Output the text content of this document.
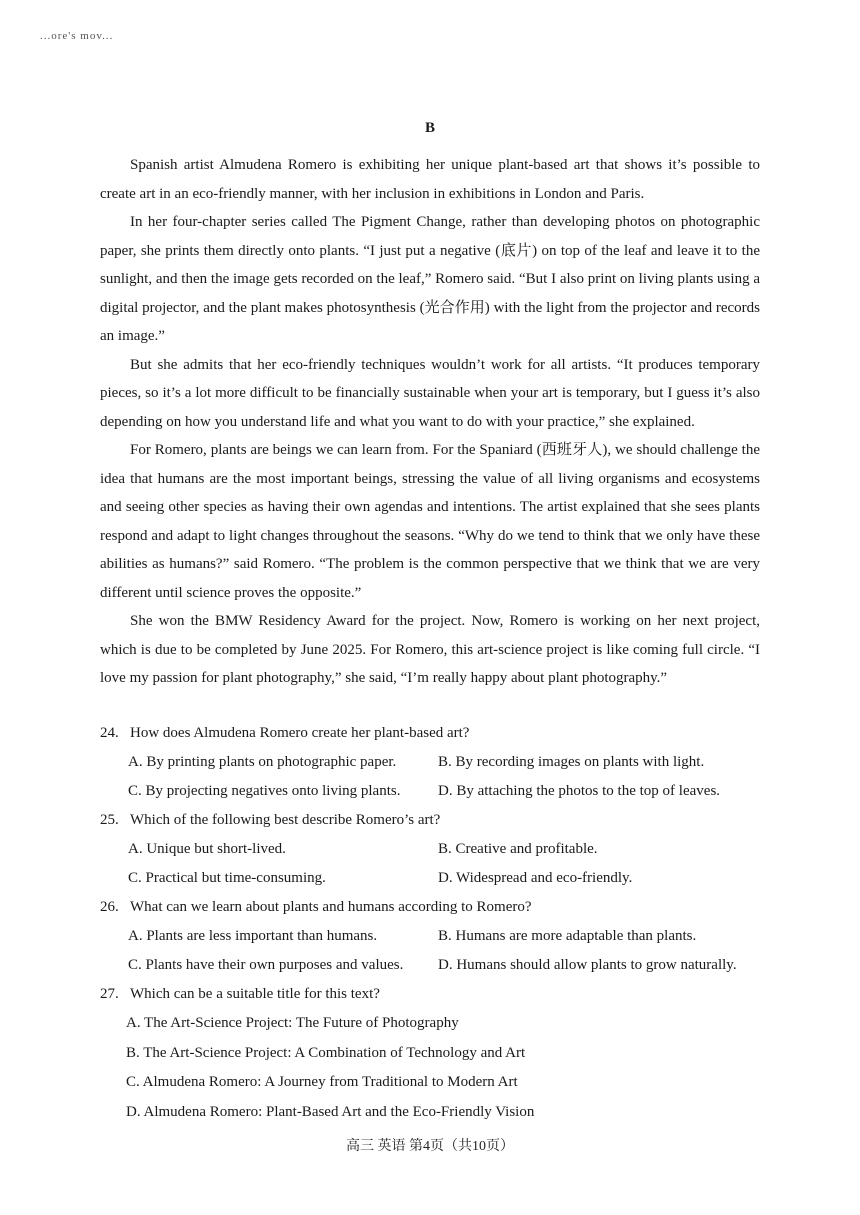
...ore's mov...
B

Spanish artist Almudena Romero is exhibiting her unique plant-based art that shows it’s possible to create art in an eco-friendly manner, with her inclusion in exhibitions in London and Paris.

In her four-chapter series called The Pigment Change, rather than developing photos on photographic paper, she prints them directly onto plants. “I just put a negative (底片) on top of the leaf and leave it to the sunlight, and then the image gets recorded on the leaf,” Romero said. “But I also print on living plants using a digital projector, and the plant makes photosynthesis (光合作用) with the light from the projector and records an image.”

But she admits that her eco-friendly techniques wouldn’t work for all artists. “It produces temporary pieces, so it’s a lot more difficult to be financially sustainable when your art is temporary, but I guess it’s also depending on how you understand life and what you want to do with your practice,” she explained.

For Romero, plants are beings we can learn from. For the Spaniard (西班牙人), we should challenge the idea that humans are the most important beings, stressing the value of all living organisms and ecosystems and seeing other species as having their own agendas and intentions. The artist explained that she sees plants respond and adapt to light changes throughout the seasons. “Why do we tend to think that we only have these abilities as humans?” said Romero. “The problem is the common perspective that we think that we are very different until science proves the opposite.”

She won the BMW Residency Award for the project. Now, Romero is working on her next project, which is due to be completed by June 2025. For Romero, this art-science project is like coming full circle. “I love my passion for plant photography,” she said, “I’m really happy about plant photography.”

24. How does Almudena Romero create her plant-based art?
A. By printing plants on photographic paper.	B. By recording images on plants with light.
C. By projecting negatives onto living plants.	D. By attaching the photos to the top of leaves.
25. Which of the following best describe Romero’s art?
A. Unique but short-lived.	B. Creative and profitable.
C. Practical but time-consuming.	D. Widespread and eco-friendly.
26. What can we learn about plants and humans according to Romero?
A. Plants are less important than humans.	B. Humans are more adaptable than plants.
C. Plants have their own purposes and values.	D. Humans should allow plants to grow naturally.
27. Which can be a suitable title for this text?
A. The Art-Science Project: The Future of Photography
B. The Art-Science Project: A Combination of Technology and Art
C. Almudena Romero: A Journey from Traditional to Modern Art
D. Almudena Romero: Plant-Based Art and the Eco-Friendly Vision
高三 英语 第4页（共10页）
